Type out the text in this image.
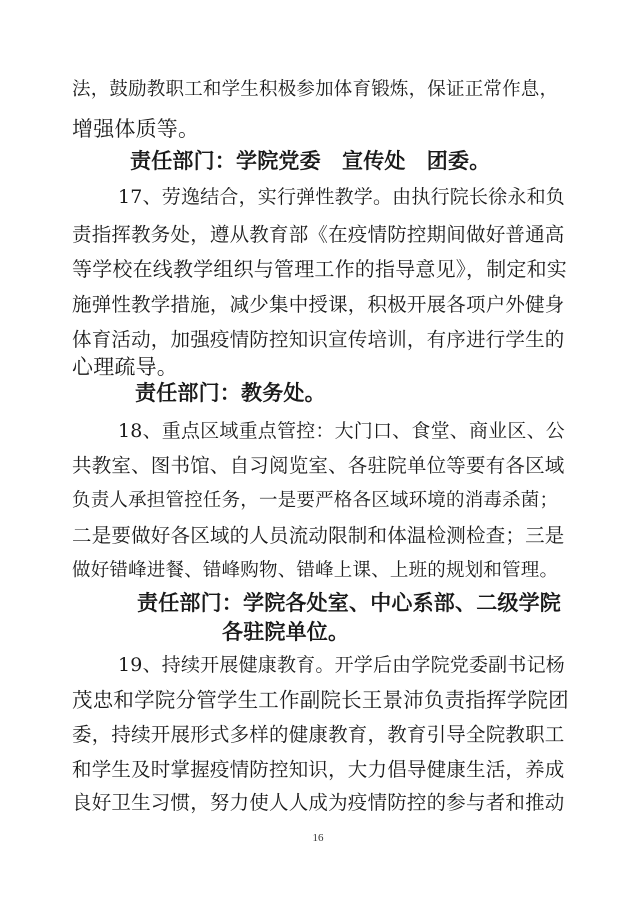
法，鼓励教职工和学生积极参加体育锻炼，保证正常作息，
增强体质等。
责任部门：学院党委　宣传处　团委。
17、劳逸结合，实行弹性教学。由执行院长徐永和负
责指挥教务处，遵从教育部《在疫情防控期间做好普通高
等学校在线教学组织与管理工作的指导意见》，制定和实
施弹性教学措施，减少集中授课，积极开展各项户外健身
体育活动，加强疫情防控知识宣传培训，有序进行学生的
心理疏导。
责任部门：教务处。
18、重点区域重点管控：大门口、食堂、商业区、公
共教室、图书馆、自习阅览室、各驻院单位等要有各区域
负责人承担管控任务，一是要严格各区域环境的消毒杀菌；
二是要做好各区域的人员流动限制和体温检测检查；三是
做好错峰进餐、错峰购物、错峰上课、上班的规划和管理。
责任部门：学院各处室、中心系部、二级学院
各驻院单位。
19、持续开展健康教育。开学后由学院党委副书记杨
茂忠和学院分管学生工作副院长王景沛负责指挥学院团
委，持续开展形式多样的健康教育，教育引导全院教职工
和学生及时掌握疫情防控知识，大力倡导健康生活，养成
良好卫生习惯，努力使人人成为疫情防控的参与者和推动
16
